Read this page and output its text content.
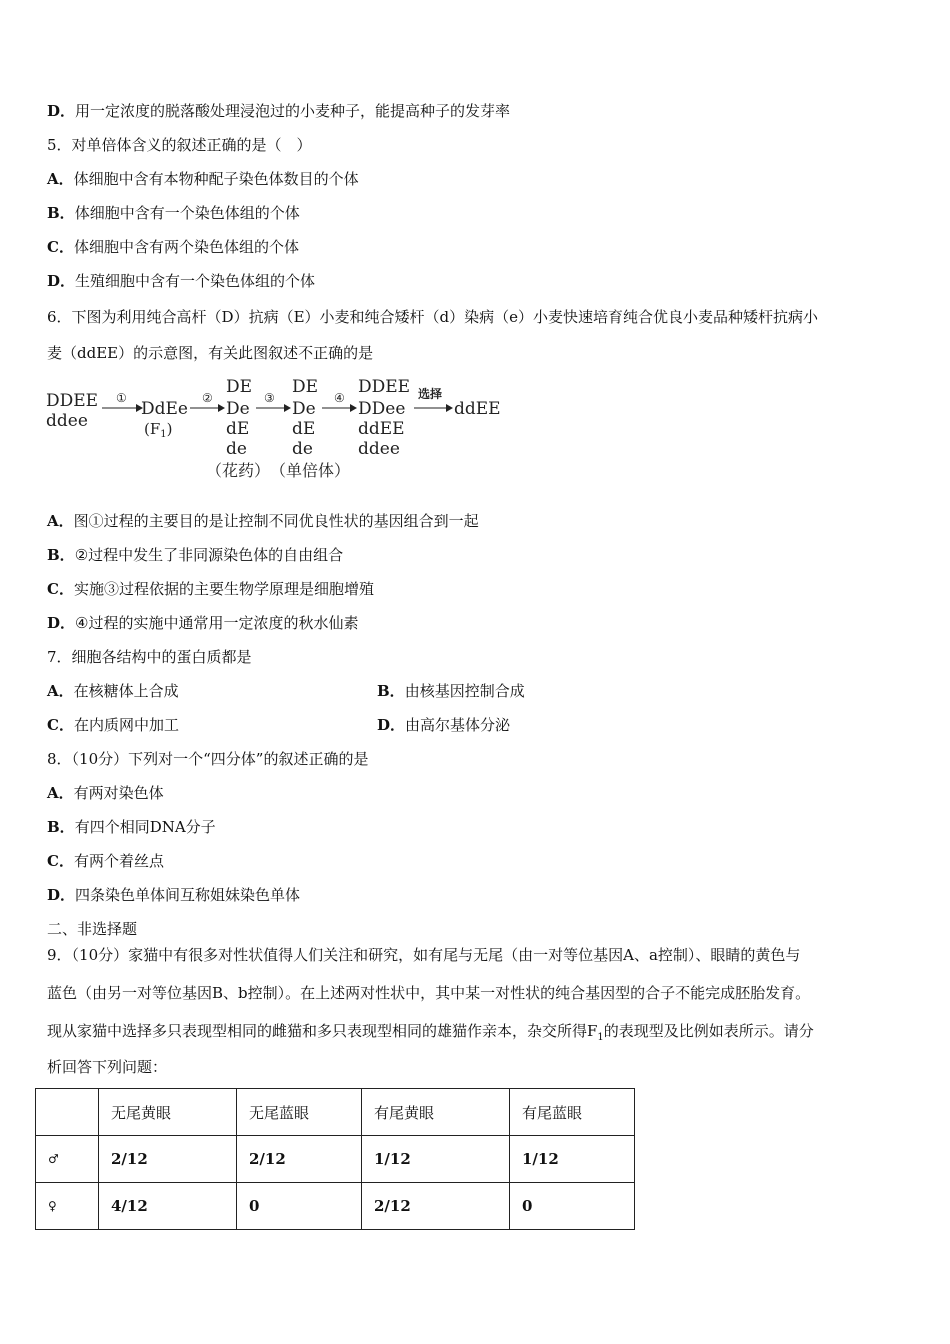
D．用一定浓度的脱落酸处理浸泡过的小麦种子，能提高种子的发芽率
5．对单倍体含义的叙述正确的是（　）
A．体细胞中含有本物种配子染色体数目的个体
B．体细胞中含有一个染色体组的个体
C．体细胞中含有两个染色体组的个体
D．生殖细胞中含有一个染色体组的个体
6．下图为利用纯合高杆（D）抗病（E）小麦和纯合矮杆（d）染病（e）小麦快速培育纯合优良小麦品种矮杆抗病小
麦（ddEE）的示意图，有关此图叙述不正确的是
DDEE
ddee
①
DdEe
$(F_1)$
②
DE
De
dE
de
（花药）
③
DE
De
dE
de
（单倍体）
④
DDEE
DDee
ddEE
ddee
选择
ddEE
A．图①过程的主要目的是让控制不同优良性状的基因组合到一起
B．②过程中发生了非同源染色体的自由组合
C．实施③过程依据的主要生物学原理是细胞增殖
D．④过程的实施中通常用一定浓度的秋水仙素
7．细胞各结构中的蛋白质都是
A．在核糖体上合成	B．由核基因控制合成
C．在内质网中加工	D．由高尔基体分泌
8．（10分）下列对一个“四分体”的叙述正确的是
A．有两对染色体
B．有四个相同DNA分子
C．有两个着丝点
D．四条染色单体间互称姐妹染色单体
二、非选择题
9．（10分）家猫中有很多对性状值得人们关注和研究，如有尾与无尾（由一对等位基因A、a控制）、眼睛的黄色与
蓝色（由另一对等位基因B、b控制）。在上述两对性状中，其中某一对性状的纯合基因型的合子不能完成胚胎发育。
现从家猫中选择多只表现型相同的雌猫和多只表现型相同的雄猫作亲本，杂交所得$F_1$的表现型及比例如表所示。请分
析回答下列问题：
	无尾黄眼	无尾蓝眼	有尾黄眼	有尾蓝眼
♂	2/12	2/12	1/12	1/12
♀	4/12	0	2/12	0
